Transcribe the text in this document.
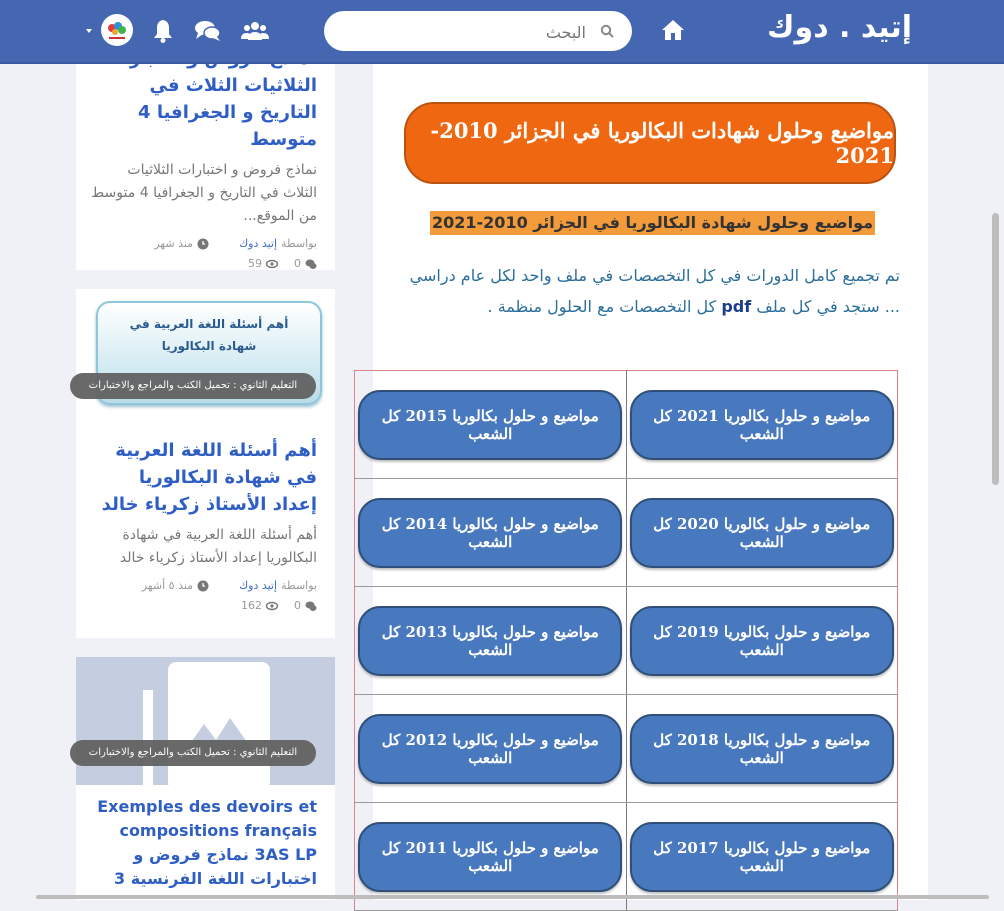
إتيد . دوك
البحث

الثلاثيات الثلاث في التاريخ و الجغرافيا 4 متوسط

نماذج فروض و اختبارات الثلاثيات الثلاث في التاريخ و الجغرافيا 4 متوسط من الموقع...

بواسطة
إتيد دوك
منذ شهر
0
59
أهم أسئلة اللغة العربية في
شهادة البكالوريا
التعليم الثانوي : تحميل الكتب والمراجع والاختبارات

أهم أسئلة اللغة العربية في شهادة البكالوريا إعداد الأستاذ زكرياء خالد

أهم أسئلة اللغة العربية في شهادة البكالوريا إعداد الأستاذ زكرياء خالد

بواسطة
إتيد دوك
منذ ٥ أشهر
0
162
التعليم الثانوي : تحميل الكتب والمراجع والاختبارات

Exemples des devoirs et compositions français 3AS LP نماذج فروض و اختبارات اللغة الفرنسية 3

مواضيع وحلول شهادات البكالوريا في الجزائر 2010-2021
مواضيع وحلول شهادة البكالوريا في الجزائر 2010-2021

تم تجميع كامل الدورات في كل التخصصات في ملف واحد لكل عام دراسي ... ستجد في كل ملف pdf كل التخصصات مع الحلول منظمة .

مواضيع و حلول بكالوريا 2021 كل الشعب	مواضيع و حلول بكالوريا 2015 كل الشعب

مواضيع و حلول بكالوريا 2020 كل الشعب	مواضيع و حلول بكالوريا 2014 كل الشعب

مواضيع و حلول بكالوريا 2019 كل الشعب	مواضيع و حلول بكالوريا 2013 كل الشعب

مواضيع و حلول بكالوريا 2018 كل الشعب	مواضيع و حلول بكالوريا 2012 كل الشعب

مواضيع و حلول بكالوريا 2017 كل الشعب	مواضيع و حلول بكالوريا 2011 كل الشعب
